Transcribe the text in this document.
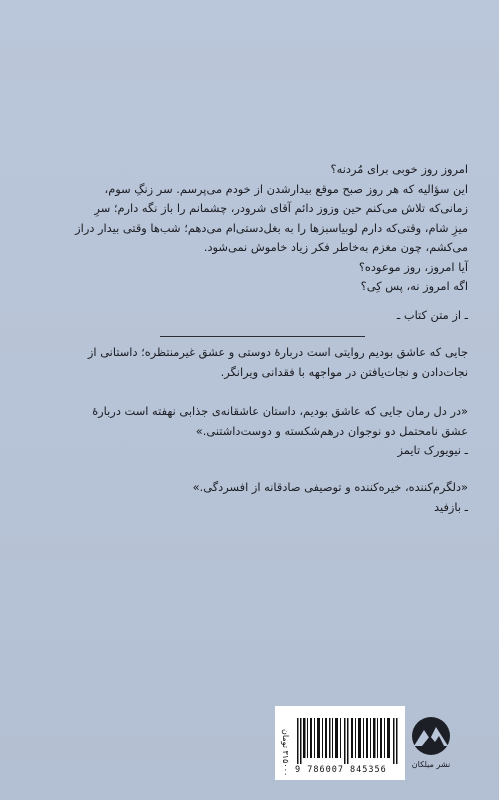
امروز روز خوبی برای مُردنه؟

این سؤالیه که هر روز صبح موقع بیدارشدن از خودم می‌پرسم. سر زنگِ سوم،

زمانی‌که تلاش می‌کنم حین وزوز دائم آقای شرودر، چشمانم را باز نگه دارم؛ سرِ

میزِ شام، وقتی‌که دارم لوبیاسبزها را به بغل‌دستی‌ام می‌دهم؛ شب‌ها وقتی بیدار دراز

می‌کشم، چون مغزم به‌خاطر فکر زیاد خاموش نمی‌شود.

آیا امروز، روز موعوده؟

اگه امروز نه، پس کِی؟

ـ از متن کتاب ـ

جایی که عاشق بودیم روایتی است دربارهٔ دوستی و عشق غیرمنتظره؛ داستانی از

نجات‌دادن و نجات‌یافتن در مواجهه با فقدانی ویرانگر.

«در دل رمان جایی که عاشق بودیم، داستان عاشقانه‌ی جذابی نهفته است دربارهٔ

عشق نامحتمل دو نوجوان درهم‌شکسته و دوست‌داشتنی.»

ـ نیویورک تایمز

«دلگرم‌کننده، خیره‌کننده و توصیفی صادقانه از افسردگی.»

ـ بازفید

۳۱۵۰۰۰ تومان 9 786007 845356
نشر میلکان
